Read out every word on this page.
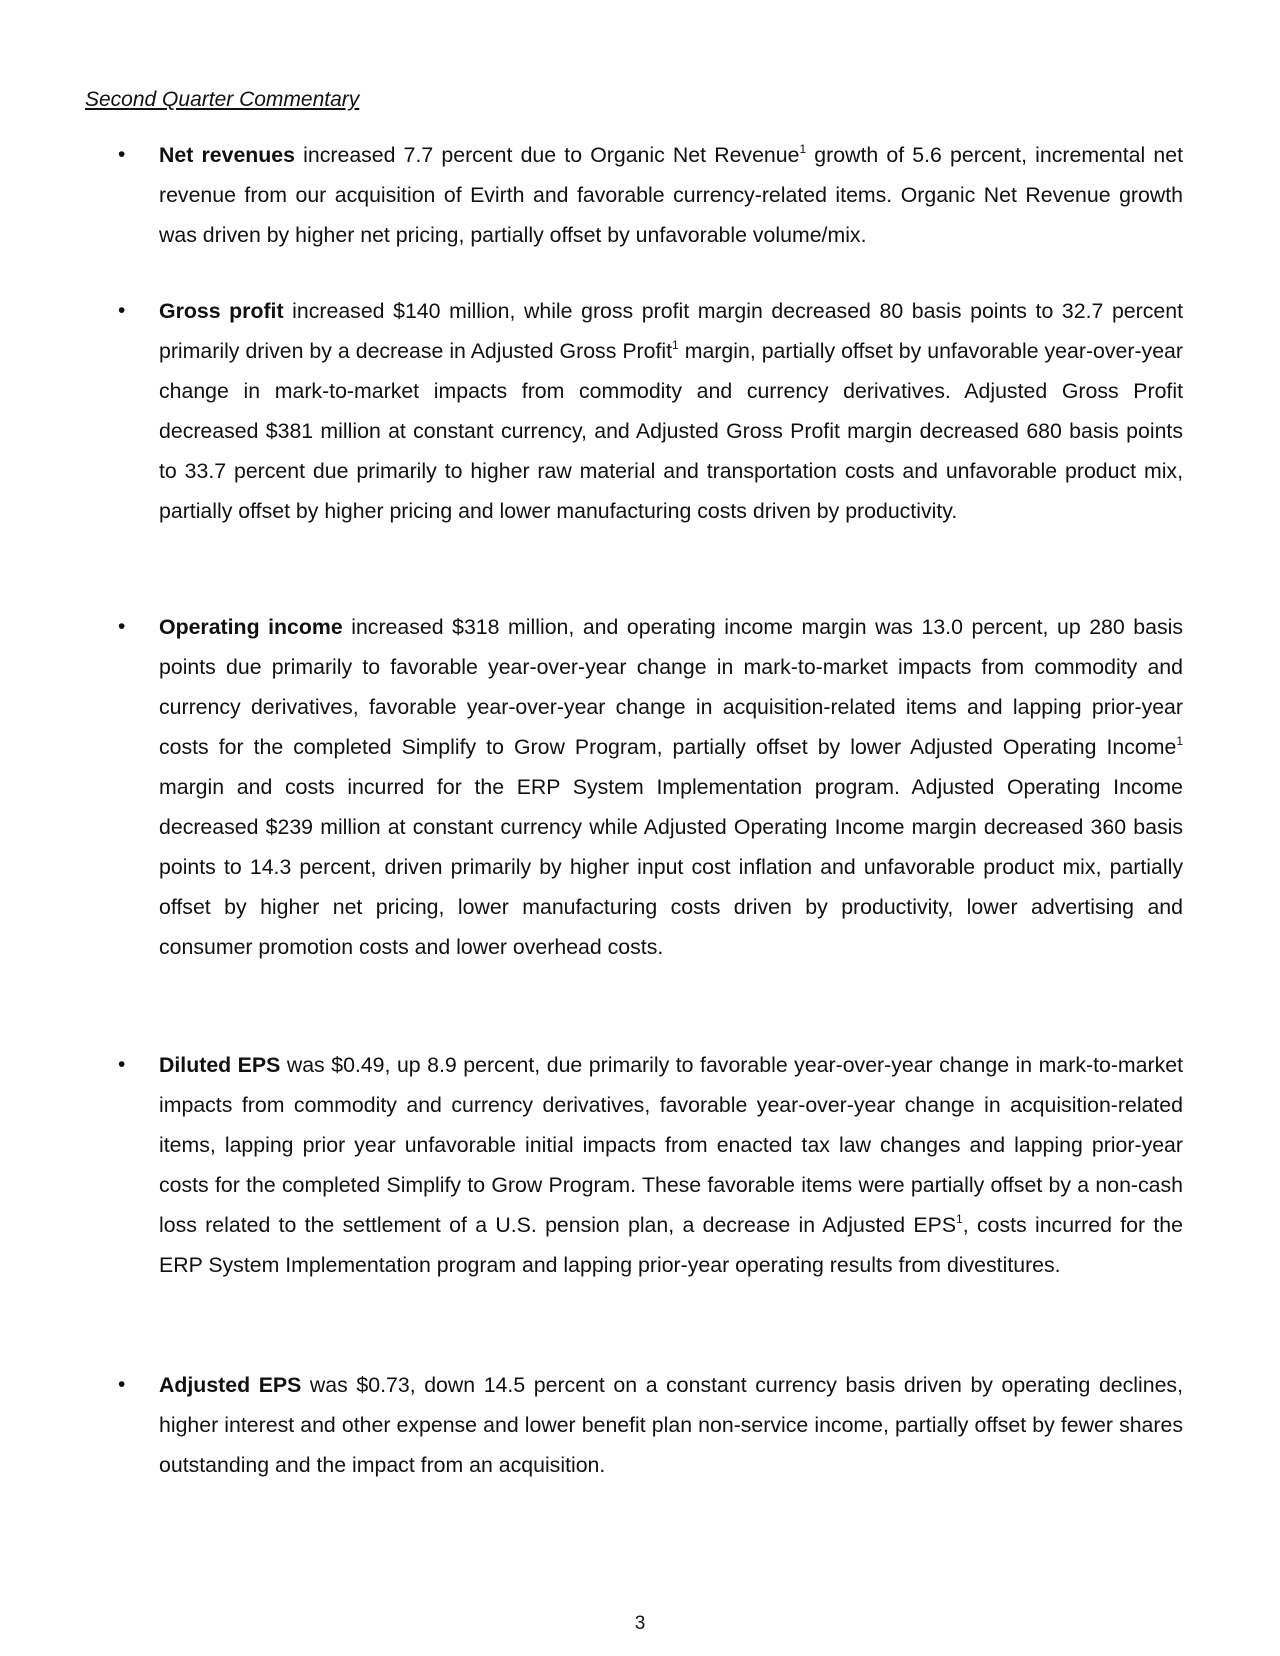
Second Quarter Commentary
• Net revenues increased 7.7 percent due to Organic Net Revenue$^1$ growth of 5.6 percent, incremental net revenue from our acquisition of Evirth and favorable currency-related items. Organic Net Revenue growth was driven by higher net pricing, partially offset by unfavorable volume/mix.

• Gross profit increased $140 million, while gross profit margin decreased 80 basis points to 32.7 percent primarily driven by a decrease in Adjusted Gross Profit$^1$ margin, partially offset by unfavorable year-over-year change in mark-to-market impacts from commodity and currency derivatives. Adjusted Gross Profit decreased $381 million at constant currency, and Adjusted Gross Profit margin decreased 680 basis points to 33.7 percent due primarily to higher raw material and transportation costs and unfavorable product mix, partially offset by higher pricing and lower manufacturing costs driven by productivity.

• Operating income increased $318 million, and operating income margin was 13.0 percent, up 280 basis points due primarily to favorable year-over-year change in mark-to-market impacts from commodity and currency derivatives, favorable year-over-year change in acquisition-related items and lapping prior-year costs for the completed Simplify to Grow Program, partially offset by lower Adjusted Operating Income$^1$ margin and costs incurred for the ERP System Implementation program. Adjusted Operating Income decreased $239 million at constant currency while Adjusted Operating Income margin decreased 360 basis points to 14.3 percent, driven primarily by higher input cost inflation and unfavorable product mix, partially offset by higher net pricing, lower manufacturing costs driven by productivity, lower advertising and consumer promotion costs and lower overhead costs.

• Diluted EPS was $0.49, up 8.9 percent, due primarily to favorable year-over-year change in mark-to-market impacts from commodity and currency derivatives, favorable year-over-year change in acquisition-related items, lapping prior year unfavorable initial impacts from enacted tax law changes and lapping prior-year costs for the completed Simplify to Grow Program. These favorable items were partially offset by a non-cash loss related to the settlement of a U.S. pension plan, a decrease in Adjusted EPS$^1$, costs incurred for the ERP System Implementation program and lapping prior-year operating results from divestitures.

• Adjusted EPS was $0.73, down 14.5 percent on a constant currency basis driven by operating declines, higher interest and other expense and lower benefit plan non-service income, partially offset by fewer shares outstanding and the impact from an acquisition.

3
